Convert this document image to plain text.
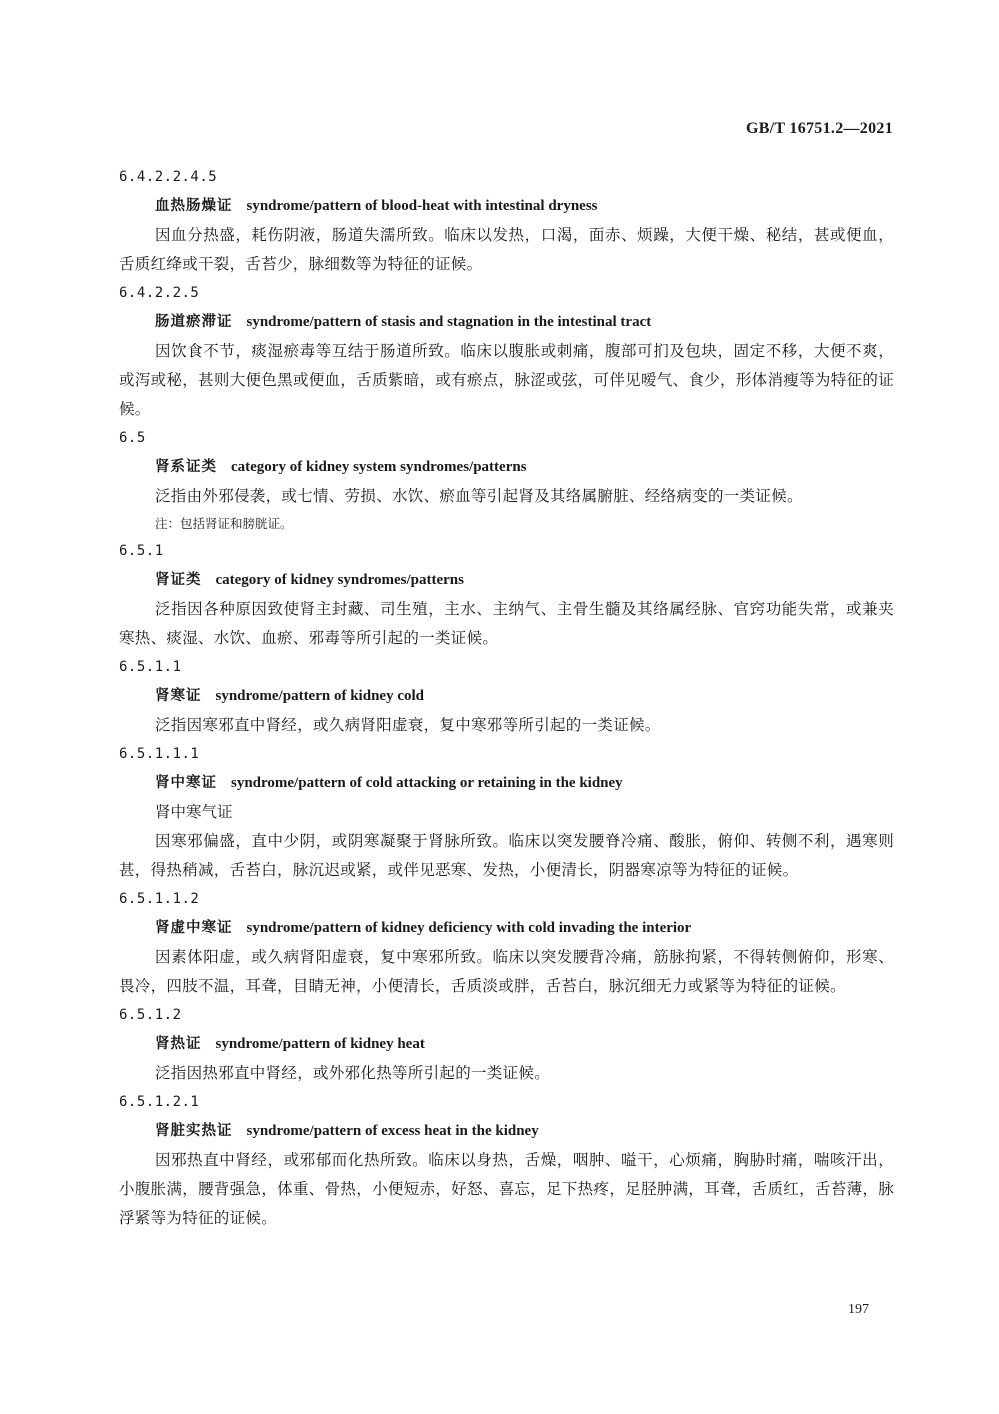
GB/T 16751.2—2021
6.4.2.2.4.5
血热肠燥证 syndrome/pattern of blood-heat with intestinal dryness
因血分热盛，耗伤阴液，肠道失濡所致。临床以发热，口渴，面赤、烦躁，大便干燥、秘结，甚或便血，舌质红绛或干裂，舌苔少，脉细数等为特征的证候。
6.4.2.2.5
肠道瘀滞证 syndrome/pattern of stasis and stagnation in the intestinal tract
因饮食不节，痰湿瘀毒等互结于肠道所致。临床以腹胀或刺痛，腹部可扪及包块，固定不移，大便不爽，或泻或秘，甚则大便色黑或便血，舌质紫暗，或有瘀点，脉涩或弦，可伴见嗳气、食少，形体消瘦等为特征的证候。
6.5
肾系证类 category of kidney system syndromes/patterns
泛指由外邪侵袭，或七情、劳损、水饮、瘀血等引起肾及其络属腑脏、经络病变的一类证候。
注：包括肾证和膀胱证。
6.5.1
肾证类 category of kidney syndromes/patterns
泛指因各种原因致使肾主封藏、司生殖，主水、主纳气、主骨生髓及其络属经脉、官窍功能失常，或兼夹寒热、痰湿、水饮、血瘀、邪毒等所引起的一类证候。
6.5.1.1
肾寒证 syndrome/pattern of kidney cold
泛指因寒邪直中肾经，或久病肾阳虚衰，复中寒邪等所引起的一类证候。
6.5.1.1.1
肾中寒证 syndrome/pattern of cold attacking or retaining in the kidney
肾中寒气证
因寒邪偏盛，直中少阴，或阴寒凝聚于肾脉所致。临床以突发腰脊冷痛、酸胀，俯仰、转侧不利，遇寒则甚，得热稍减，舌苔白，脉沉迟或紧，或伴见恶寒、发热，小便清长，阴器寒凉等为特征的证候。
6.5.1.1.2
肾虚中寒证 syndrome/pattern of kidney deficiency with cold invading the interior
因素体阳虚，或久病肾阳虚衰，复中寒邪所致。临床以突发腰背冷痛，筋脉拘紧，不得转侧俯仰，形寒、畏冷，四肢不温，耳聋，目睛无神，小便清长，舌质淡或胖，舌苔白，脉沉细无力或紧等为特征的证候。
6.5.1.2
肾热证 syndrome/pattern of kidney heat
泛指因热邪直中肾经，或外邪化热等所引起的一类证候。
6.5.1.2.1
肾脏实热证 syndrome/pattern of excess heat in the kidney
因邪热直中肾经，或邪郁而化热所致。临床以身热，舌燥，咽肿、嗌干，心烦痛，胸胁时痛，喘咳汗出，小腹胀满，腰背强急，体重、骨热，小便短赤，好怒、喜忘，足下热疼，足胫肿满，耳聋，舌质红，舌苔薄，脉浮紧等为特征的证候。
197
